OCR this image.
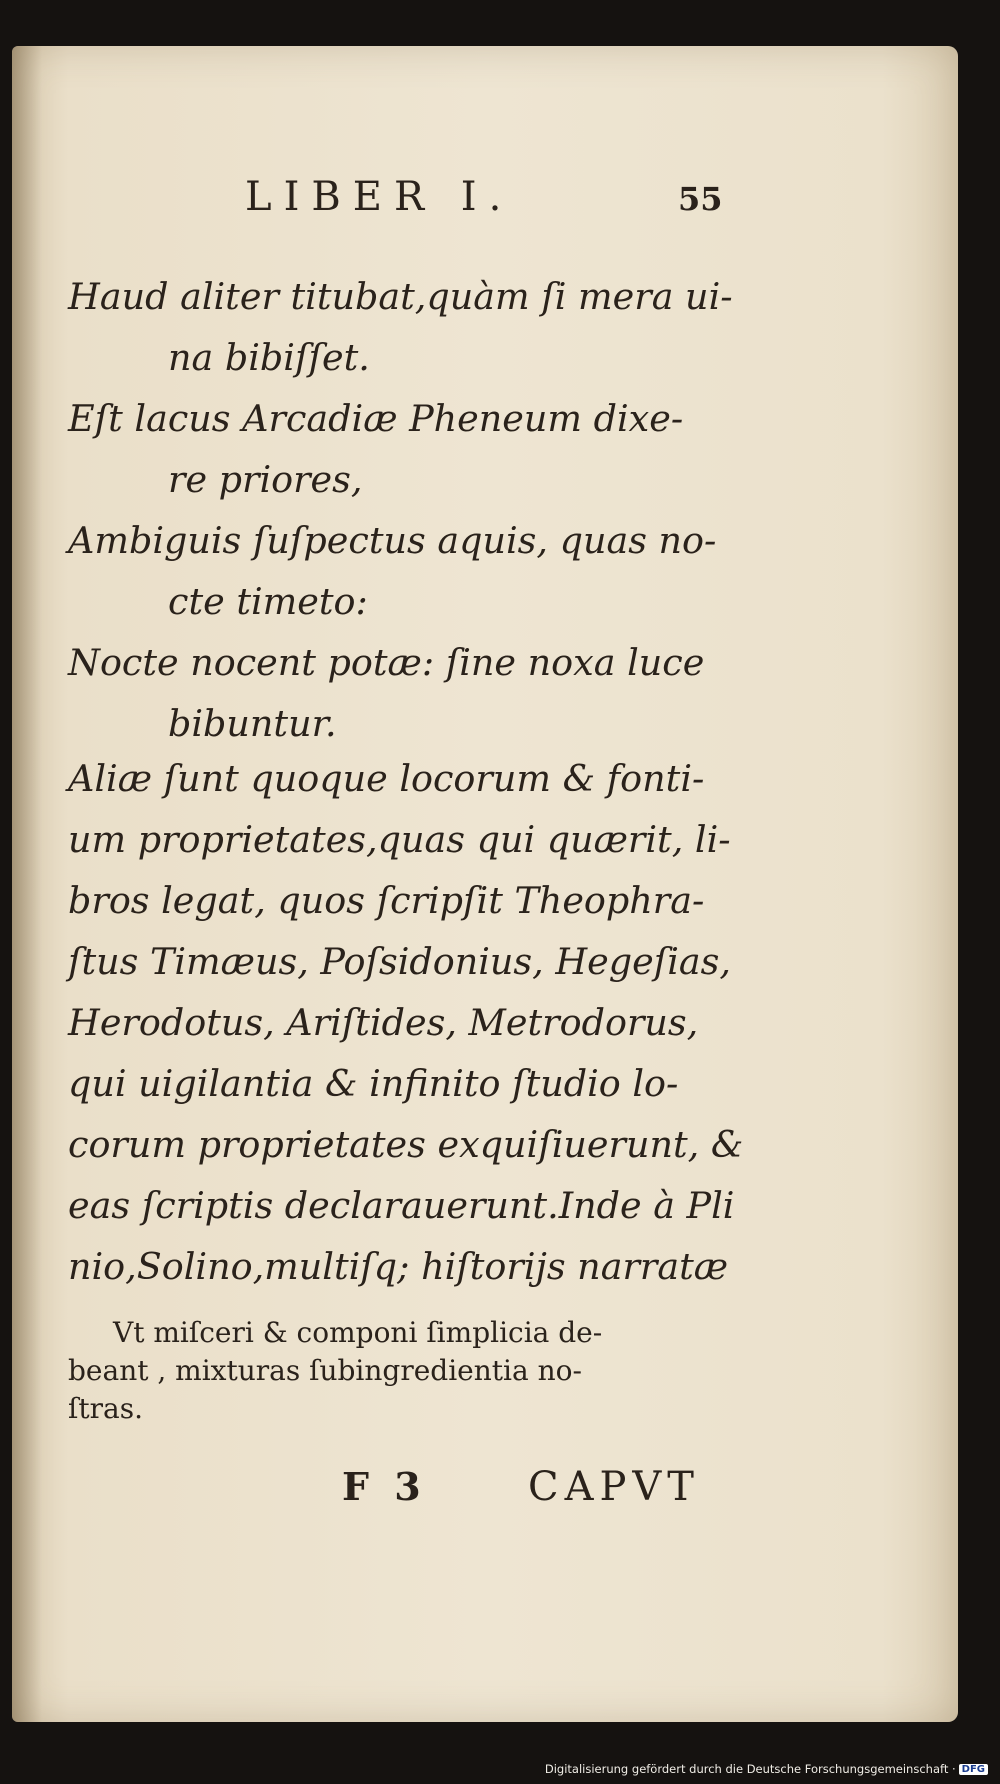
LIBER I.	55
Haud aliter titubat,quàm ſi mera ui-
na bibiſſet.
Eſt lacus Arcadiæ Pheneum dixe-
re priores,
Ambiguis ſuſpectus aquis, quas no-
cte timeto:
Nocte nocent potæ: ſine noxa luce
bibuntur.
Aliæ ſunt quoque locorum & fonti-
um proprietates,quas qui quærit, li-
bros legat, quos ſcripſit Theophra-
ſtus Timæus, Poſsidonius, Hegeſias,
Herodotus, Ariſtides, Metrodorus,
qui uigilantia & infinito ſtudio lo-
corum proprietates exquiſiuerunt, &
eas ſcriptis declarauerunt.Inde à Pli
nio,Solino,multiſq; hiſtorijs narratæ
Vt miſceri & componi ſimplicia de-
beant , mixturas ſubingredientia no-
ſtras.
F 3	CAPVT
Digitalisierung gefördert durch die Deutsche Forschungsgemeinschaft · DFG
